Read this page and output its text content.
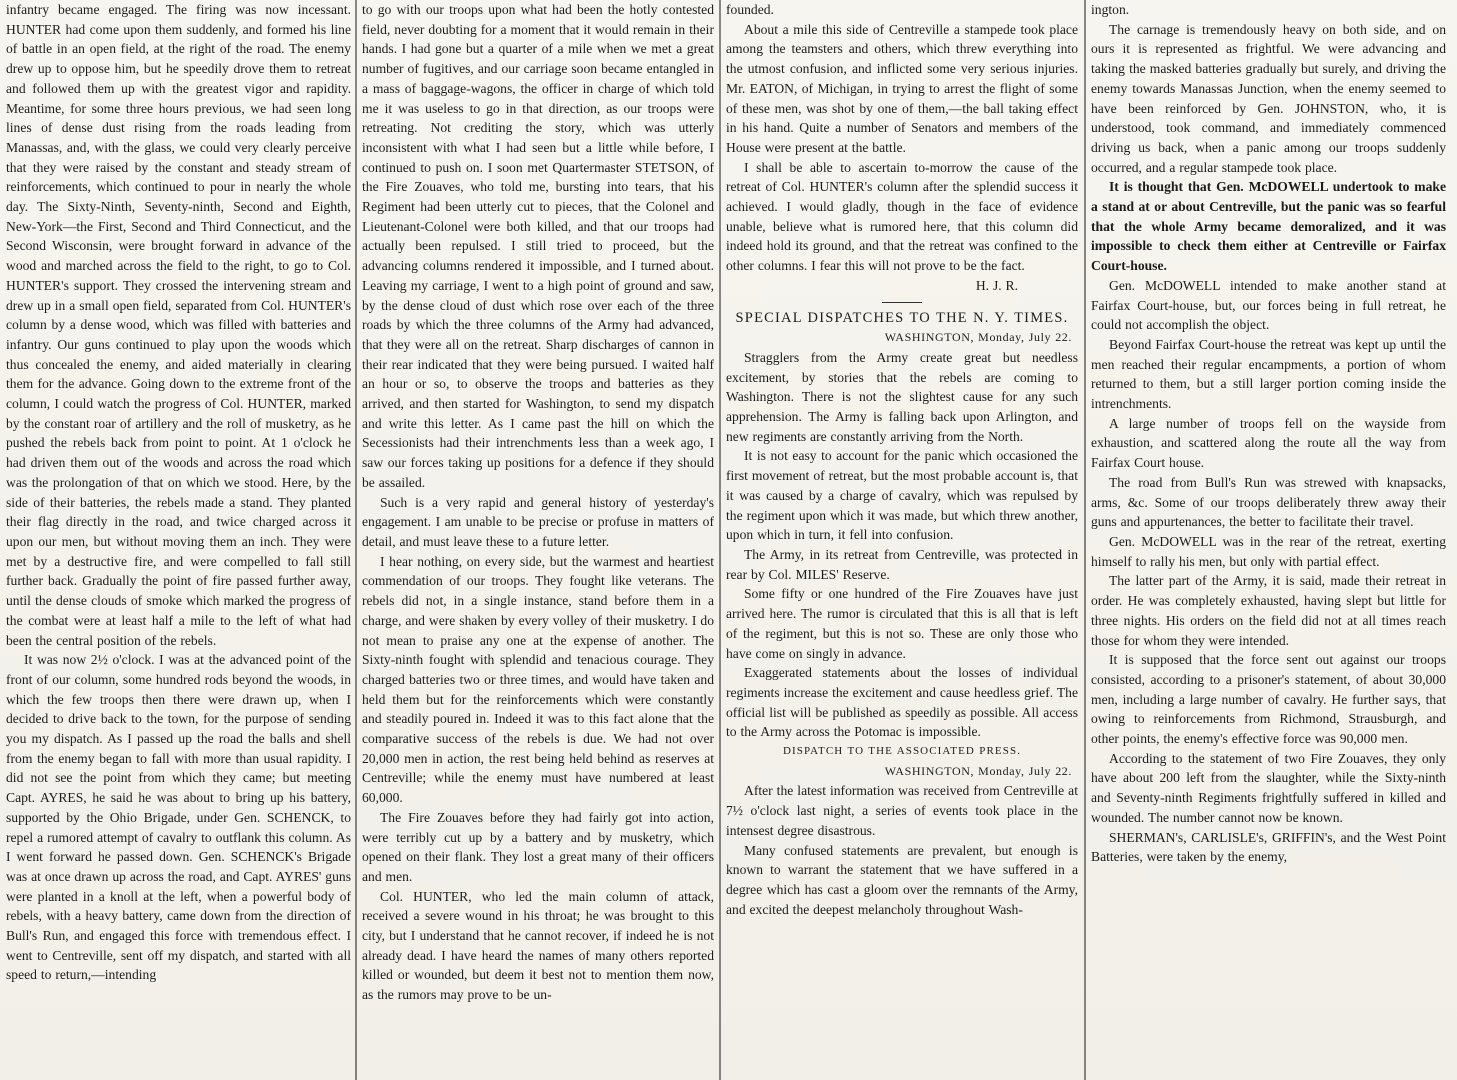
infantry became engaged. The firing was now incessant. HUNTER had come upon them suddenly, and formed his line of battle in an open field, at the right of the road. The enemy drew up to oppose him, but he speedily drove them to retreat and followed them up with the greatest vigor and rapidity. Meantime, for some three hours previous, we had seen long lines of dense dust rising from the roads leading from Manassas, and, with the glass, we could very clearly perceive that they were raised by the constant and steady stream of reinforcements, which continued to pour in nearly the whole day. The Sixty-Ninth, Seventy-ninth, Second and Eighth, New-York—the First, Second and Third Connecticut, and the Second Wisconsin, were brought forward in advance of the wood and marched across the field to the right, to go to Col. HUNTER's support. They crossed the intervening stream and drew up in a small open field, separated from Col. HUNTER's column by a dense wood, which was filled with batteries and infantry. Our guns continued to play upon the woods which thus concealed the enemy, and aided materially in clearing them for the advance. Going down to the extreme front of the column, I could watch the progress of Col. HUNTER, marked by the constant roar of artillery and the roll of musketry, as he pushed the rebels back from point to point. At 1 o'clock he had driven them out of the woods and across the road which was the prolongation of that on which we stood. Here, by the side of their batteries, the rebels made a stand. They planted their flag directly in the road, and twice charged across it upon our men, but without moving them an inch. They were met by a destructive fire, and were compelled to fall still further back. Gradually the point of fire passed further away, until the dense clouds of smoke which marked the progress of the combat were at least half a mile to the left of what had been the central position of the rebels.

It was now 2½ o'clock. I was at the advanced point of the front of our column, some hundred rods beyond the woods, in which the few troops then there were drawn up, when I decided to drive back to the town, for the purpose of sending you my dispatch. As I passed up the road the balls and shell from the enemy began to fall with more than usual rapidity. I did not see the point from which they came; but meeting Capt. AYRES, he said he was about to bring up his battery, supported by the Ohio Brigade, under Gen. SCHENCK, to repel a rumored attempt of cavalry to outflank this column. As I went forward he passed down. Gen. SCHENCK's Brigade was at once drawn up across the road, and Capt. AYRES' guns were planted in a knoll at the left, when a powerful body of rebels, with a heavy battery, came down from the direction of Bull's Run, and engaged this force with tremendous effect. I went to Centreville, sent off my dispatch, and started with all speed to return,—intending

to go with our troops upon what had been the hotly contested field, never doubting for a moment that it would remain in their hands. I had gone but a quarter of a mile when we met a great number of fugitives, and our carriage soon became entangled in a mass of baggage-wagons, the officer in charge of which told me it was useless to go in that direction, as our troops were retreating. Not crediting the story, which was utterly inconsistent with what I had seen but a little while before, I continued to push on. I soon met Quartermaster STETSON, of the Fire Zouaves, who told me, bursting into tears, that his Regiment had been utterly cut to pieces, that the Colonel and Lieutenant-Colonel were both killed, and that our troops had actually been repulsed. I still tried to proceed, but the advancing columns rendered it impossible, and I turned about. Leaving my carriage, I went to a high point of ground and saw, by the dense cloud of dust which rose over each of the three roads by which the three columns of the Army had advanced, that they were all on the retreat. Sharp discharges of cannon in their rear indicated that they were being pursued. I waited half an hour or so, to observe the troops and batteries as they arrived, and then started for Washington, to send my dispatch and write this letter. As I came past the hill on which the Secessionists had their intrenchments less than a week ago, I saw our forces taking up positions for a defence if they should be assailed.

Such is a very rapid and general history of yesterday's engagement. I am unable to be precise or profuse in matters of detail, and must leave these to a future letter.

I hear nothing, on every side, but the warmest and heartiest commendation of our troops. They fought like veterans. The rebels did not, in a single instance, stand before them in a charge, and were shaken by every volley of their musketry. I do not mean to praise any one at the expense of another. The Sixty-ninth fought with splendid and tenacious courage. They charged batteries two or three times, and would have taken and held them but for the reinforcements which were constantly and steadily poured in. Indeed it was to this fact alone that the comparative success of the rebels is due. We had not over 20,000 men in action, the rest being held behind as reserves at Centreville; while the enemy must have numbered at least 60,000.

The Fire Zouaves before they had fairly got into action, were terribly cut up by a battery and by musketry, which opened on their flank. They lost a great many of their officers and men.

Col. HUNTER, who led the main column of attack, received a severe wound in his throat; he was brought to this city, but I understand that he cannot recover, if indeed he is not already dead. I have heard the names of many others reported killed or wounded, but deem it best not to mention them now, as the rumors may prove to be un-

founded.

About a mile this side of Centreville a stampede took place among the teamsters and others, which threw everything into the utmost confusion, and inflicted some very serious injuries. Mr. EATON, of Michigan, in trying to arrest the flight of some of these men, was shot by one of them,—the ball taking effect in his hand. Quite a number of Senators and members of the House were present at the battle.

I shall be able to ascertain to-morrow the cause of the retreat of Col. HUNTER's column after the splendid success it achieved. I would gladly, though in the face of evidence unable, believe what is rumored here, that this column did indeed hold its ground, and that the retreat was confined to the other columns. I fear this will not prove to be the fact.

H. J. R.

SPECIAL DISPATCHES TO THE N. Y. TIMES.

WASHINGTON, Monday, July 22.

Stragglers from the Army create great but needless excitement, by stories that the rebels are coming to Washington. There is not the slightest cause for any such apprehension. The Army is falling back upon Arlington, and new regiments are constantly arriving from the North.

It is not easy to account for the panic which occasioned the first movement of retreat, but the most probable account is, that it was caused by a charge of cavalry, which was repulsed by the regiment upon which it was made, but which threw another, upon which in turn, it fell into confusion.

The Army, in its retreat from Centreville, was protected in rear by Col. MILES' Reserve.

Some fifty or one hundred of the Fire Zouaves have just arrived here. The rumor is circulated that this is all that is left of the regiment, but this is not so. These are only those who have come on singly in advance.

Exaggerated statements about the losses of individual regiments increase the excitement and cause heedless grief. The official list will be published as speedily as possible. All access to the Army across the Potomac is impossible.

DISPATCH TO THE ASSOCIATED PRESS.

WASHINGTON, Monday, July 22.

After the latest information was received from Centreville at 7½ o'clock last night, a series of events took place in the intensest degree disastrous.

Many confused statements are prevalent, but enough is known to warrant the statement that we have suffered in a degree which has cast a gloom over the remnants of the Army, and excited the deepest melancholy throughout Wash-

ington.

The carnage is tremendously heavy on both side, and on ours it is represented as frightful. We were advancing and taking the masked batteries gradually but surely, and driving the enemy towards Manassas Junction, when the enemy seemed to have been reinforced by Gen. JOHNSTON, who, it is understood, took command, and immediately commenced driving us back, when a panic among our troops suddenly occurred, and a regular stampede took place.

It is thought that Gen. McDOWELL undertook to make a stand at or about Centreville, but the panic was so fearful that the whole Army became demoralized, and it was impossible to check them either at Centreville or Fairfax Court-house.

Gen. McDOWELL intended to make another stand at Fairfax Court-house, but, our forces being in full retreat, he could not accomplish the object.

Beyond Fairfax Court-house the retreat was kept up until the men reached their regular encampments, a portion of whom returned to them, but a still larger portion coming inside the intrenchments.

A large number of troops fell on the wayside from exhaustion, and scattered along the route all the way from Fairfax Court house.

The road from Bull's Run was strewed with knapsacks, arms, &c. Some of our troops deliberately threw away their guns and appurtenances, the better to facilitate their travel.

Gen. McDOWELL was in the rear of the retreat, exerting himself to rally his men, but only with partial effect.

The latter part of the Army, it is said, made their retreat in order. He was completely exhausted, having slept but little for three nights. His orders on the field did not at all times reach those for whom they were intended.

It is supposed that the force sent out against our troops consisted, according to a prisoner's statement, of about 30,000 men, including a large number of cavalry. He further says, that owing to reinforcements from Richmond, Strausburgh, and other points, the enemy's effective force was 90,000 men.

According to the statement of two Fire Zouaves, they only have about 200 left from the slaughter, while the Sixty-ninth and Seventy-ninth Regiments frightfully suffered in killed and wounded. The number cannot now be known.

SHERMAN's, CARLISLE's, GRIFFIN's, and the West Point Batteries, were taken by the enemy,
